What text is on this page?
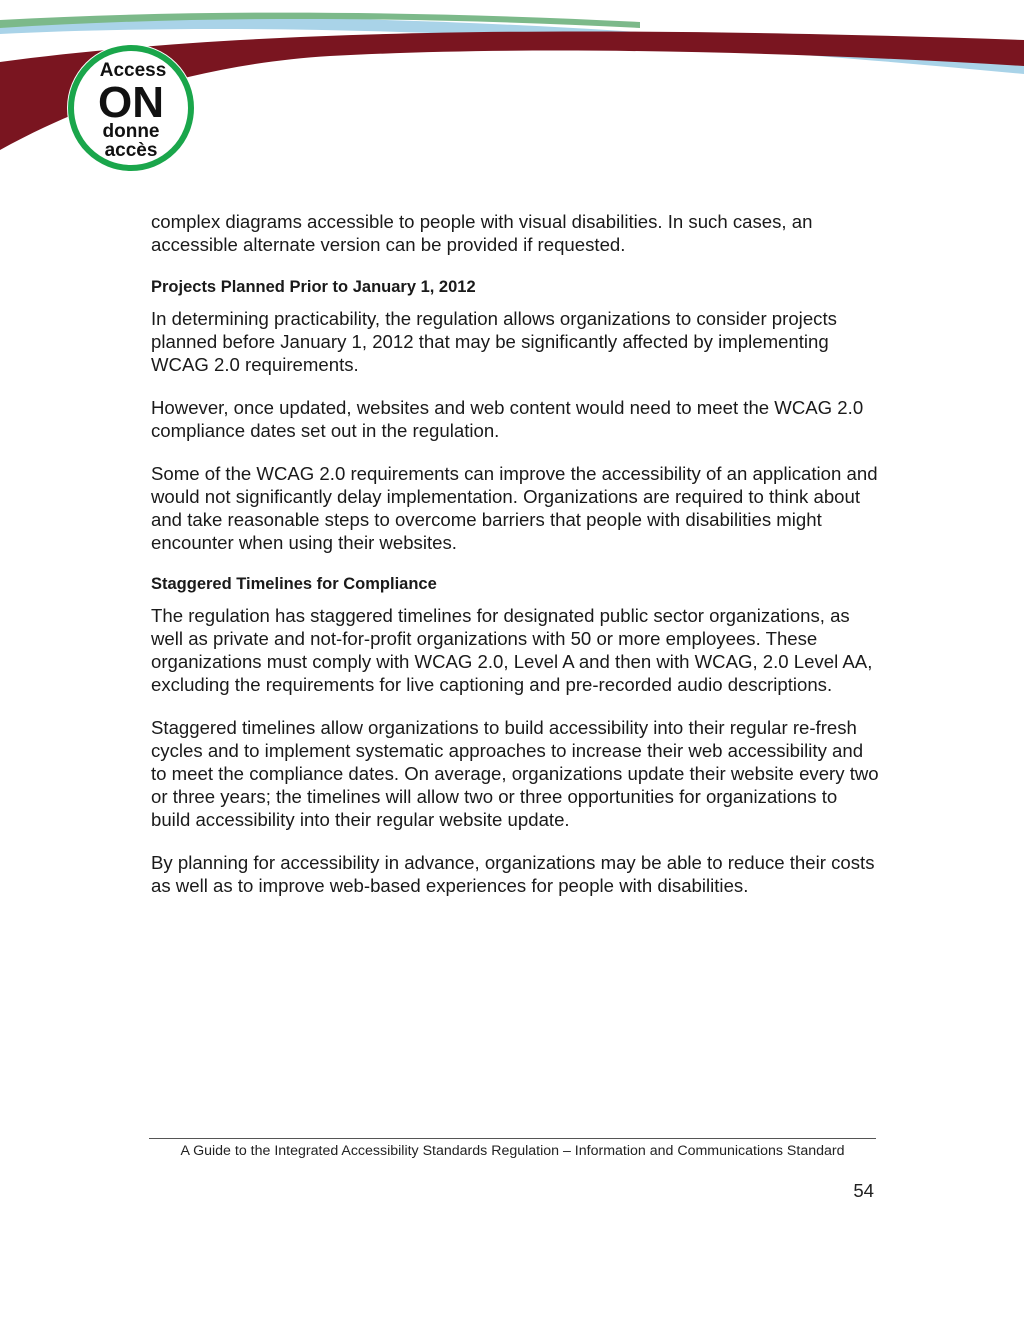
Access
ON
donne
accès

complex diagrams accessible to people with visual disabilities. In such cases, an accessible alternate version can be provided if requested.

Projects Planned Prior to January 1, 2012

In determining practicability, the regulation allows organizations to consider projects planned before January 1, 2012 that may be significantly affected by implementing WCAG 2.0 requirements.

However, once updated, websites and web content would need to meet the WCAG 2.0 compliance dates set out in the regulation.

Some of the WCAG 2.0 requirements can improve the accessibility of an application and would not significantly delay implementation. Organizations are required to think about and take reasonable steps to overcome barriers that people with disabilities might encounter when using their websites.

Staggered Timelines for Compliance

The regulation has staggered timelines for designated public sector organizations, as well as private and not-for-profit organizations with 50 or more employees. These organizations must comply with WCAG 2.0, Level A and then with WCAG, 2.0 Level AA, excluding the requirements for live captioning and pre-recorded audio descriptions.

Staggered timelines allow organizations to build accessibility into their regular re-fresh cycles and to implement systematic approaches to increase their web accessibility and to meet the compliance dates. On average, organizations update their website every two or three years; the timelines will allow two or three opportunities for organizations to build accessibility into their regular website update.

By planning for accessibility in advance, organizations may be able to reduce their costs as well as to improve web-based experiences for people with disabilities.

A Guide to the Integrated Accessibility Standards Regulation – Information and Communications Standard
54
